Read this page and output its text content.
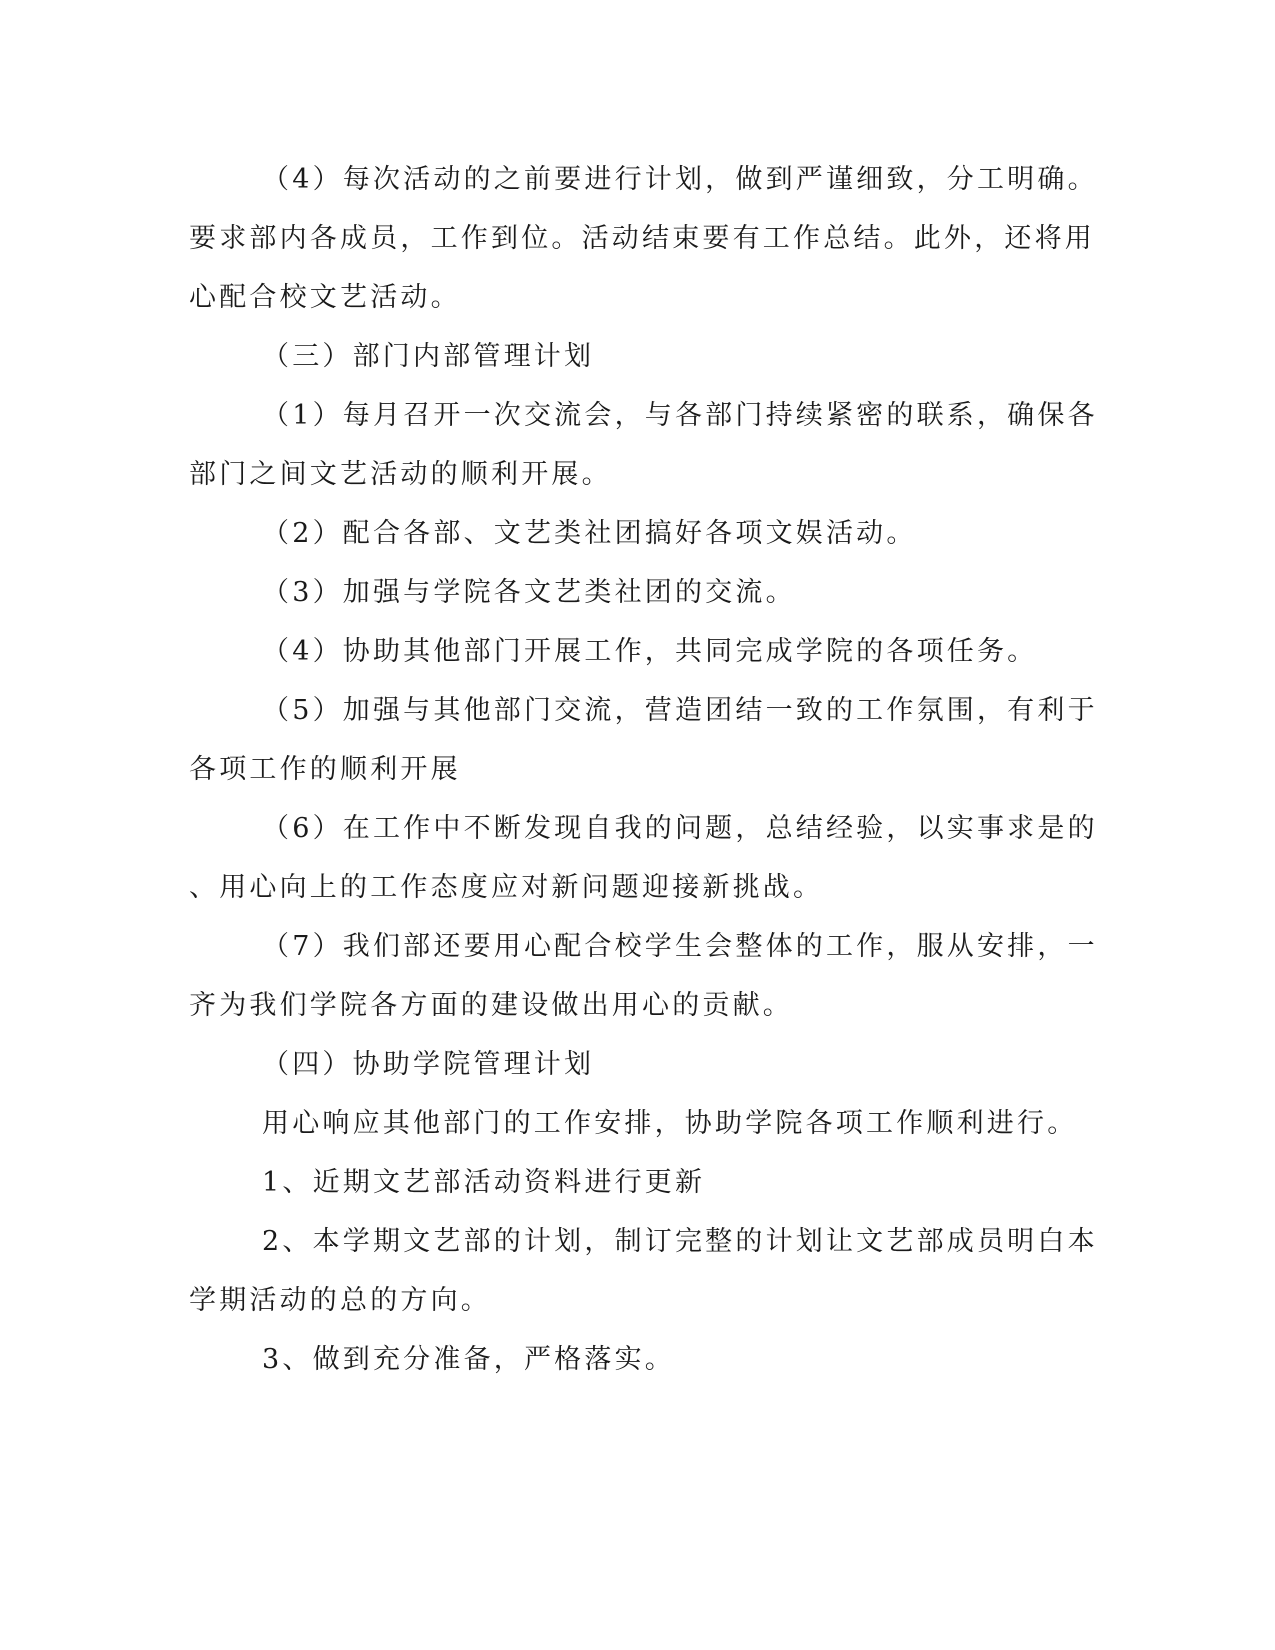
（4）每次活动的之前要进行计划，做到严谨细致，分工明确。
要求部内各成员，工作到位。活动结束要有工作总结。此外，还将用
心配合校文艺活动。
（三）部门内部管理计划
（1）每月召开一次交流会，与各部门持续紧密的联系，确保各
部门之间文艺活动的顺利开展。
（2）配合各部、文艺类社团搞好各项文娱活动。
（3）加强与学院各文艺类社团的交流。
（4）协助其他部门开展工作，共同完成学院的各项任务。
（5）加强与其他部门交流，营造团结一致的工作氛围，有利于
各项工作的顺利开展
（6）在工作中不断发现自我的问题，总结经验，以实事求是的
、用心向上的工作态度应对新问题迎接新挑战。
（7）我们部还要用心配合校学生会整体的工作，服从安排，一
齐为我们学院各方面的建设做出用心的贡献。
（四）协助学院管理计划
用心响应其他部门的工作安排，协助学院各项工作顺利进行。
1、近期文艺部活动资料进行更新
2、本学期文艺部的计划，制订完整的计划让文艺部成员明白本
学期活动的总的方向。
3、做到充分准备，严格落实。
